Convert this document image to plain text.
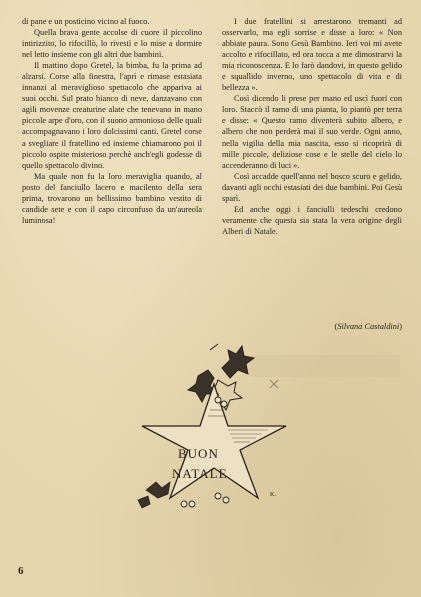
di pane e un posticino vicino al fuoco.

Quella brava gente accolse di cuore il piccolino intirizzito, lo rifocillò, lo rivestì e lo mise a dormire nel letto insieme con gli altri due bambini.

Il mattino dopo Gretel, la bimba, fu la prima ad alzarsi. Corse alla finestra, l'aprì e rimase estasiata innanzi al meraviglioso spettacolo che appariva ai suoi occhi. Sul prato bianco di neve, danzavano con agili movenze creaturine alate che tenevano in mano piccole arpe d'oro, con il suono armonioso delle quali accompagnavano i loro dolcissimi canti. Gretel corse a svegliare il fratellino ed insieme chiamarono poi il piccolo ospite misterioso perchè anch'egli godesse di quello spettacolo divino.

Ma quale non fu la loro meraviglia quando, al posto del fanciullo lacero e macilento della sera prima, trovarono un bellissimo bambino vestito di candide sete e con il capo circonfuso da un'aureola luminosa!

I due fratellini si arrestarono tremanti ad osservarlo, ma egli sorrise e disse a loro: « Non abbiate paura. Sono Gesù Bambino. Ieri voi mi avete accolto e rifocillato, ed ora tocca a me dimostrarvi la mia riconoscenza. E lo farò dandovi, in questo gelido e squallido inverno, uno spettacolo di vita e di bellezza ».

Così dicendo li prese per mano ed uscì fuori con loro. Staccò il ramo di una pianta, lo piantò per terra e disse: « Questo ramo diventerà subito albero, e albero che non perderà mai il suo verde. Ogni anno, nella vigilia della mia nascita, esso si ricoprirà di mille piccole, deliziose cose e le stelle del cielo lo accenderanno di luci ».

Così accadde quell'anno nel bosco scuro e gelido, davanti agli occhi estasiati dei due bambini. Poi Gesù sparì.

Ed anche oggi i fanciulli tedeschi credono veramente che questa sia stata la vera origine degli Alberi di Natale.

(Silvana Castaldini)
BUON
NATALE
K.
6
